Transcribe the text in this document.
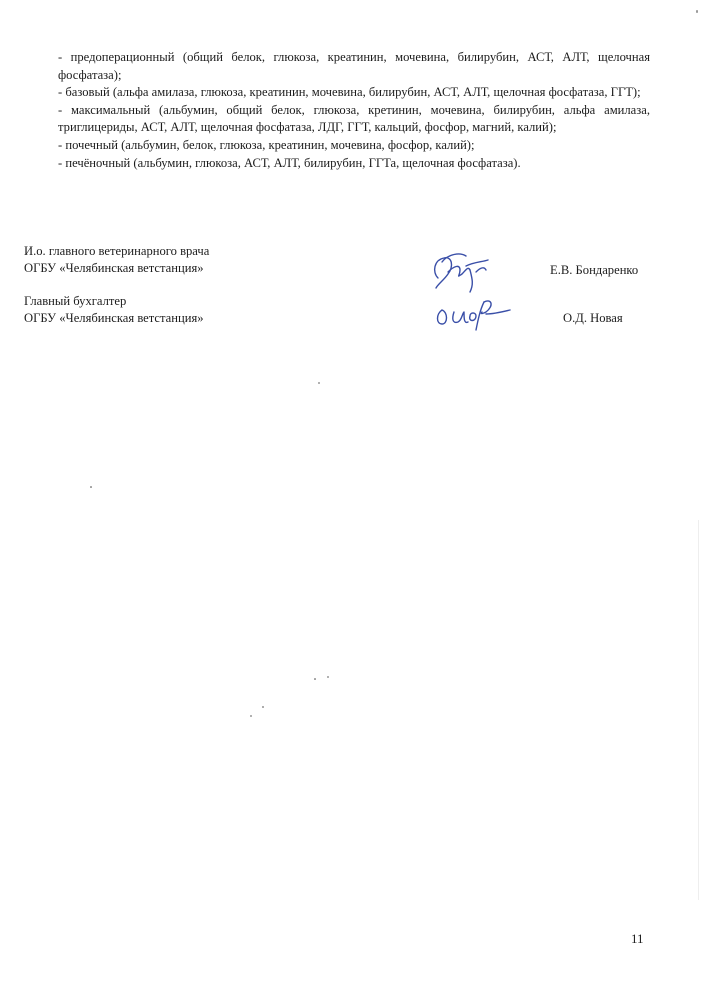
- предоперационный (общий белок, глюкоза, креатинин, мочевина, билирубин, АСТ, АЛТ, щелочная фосфатаза);

- базовый (альфа амилаза, глюкоза, креатинин, мочевина, билирубин, АСТ, АЛТ, щелочная фосфатаза, ГГТ);

- максимальный (альбумин, общий белок, глюкоза, кретинин, мочевина, билирубин, альфа амилаза, триглицериды, АСТ, АЛТ, щелочная фосфатаза, ЛДГ, ГГТ, кальций, фосфор, магний, калий);

- почечный (альбумин, белок, глюкоза, креатинин, мочевина, фосфор, калий);

- печёночный (альбумин, глюкоза, АСТ, АЛТ, билирубин, ГГТа, щелочная фосфатаза).

И.о. главного ветеринарного врача
ОГБУ «Челябинская ветстанция»	Е.В. Бондаренко
Главный бухгалтер
ОГБУ «Челябинская ветстанция»	О.Д. Новая
11
